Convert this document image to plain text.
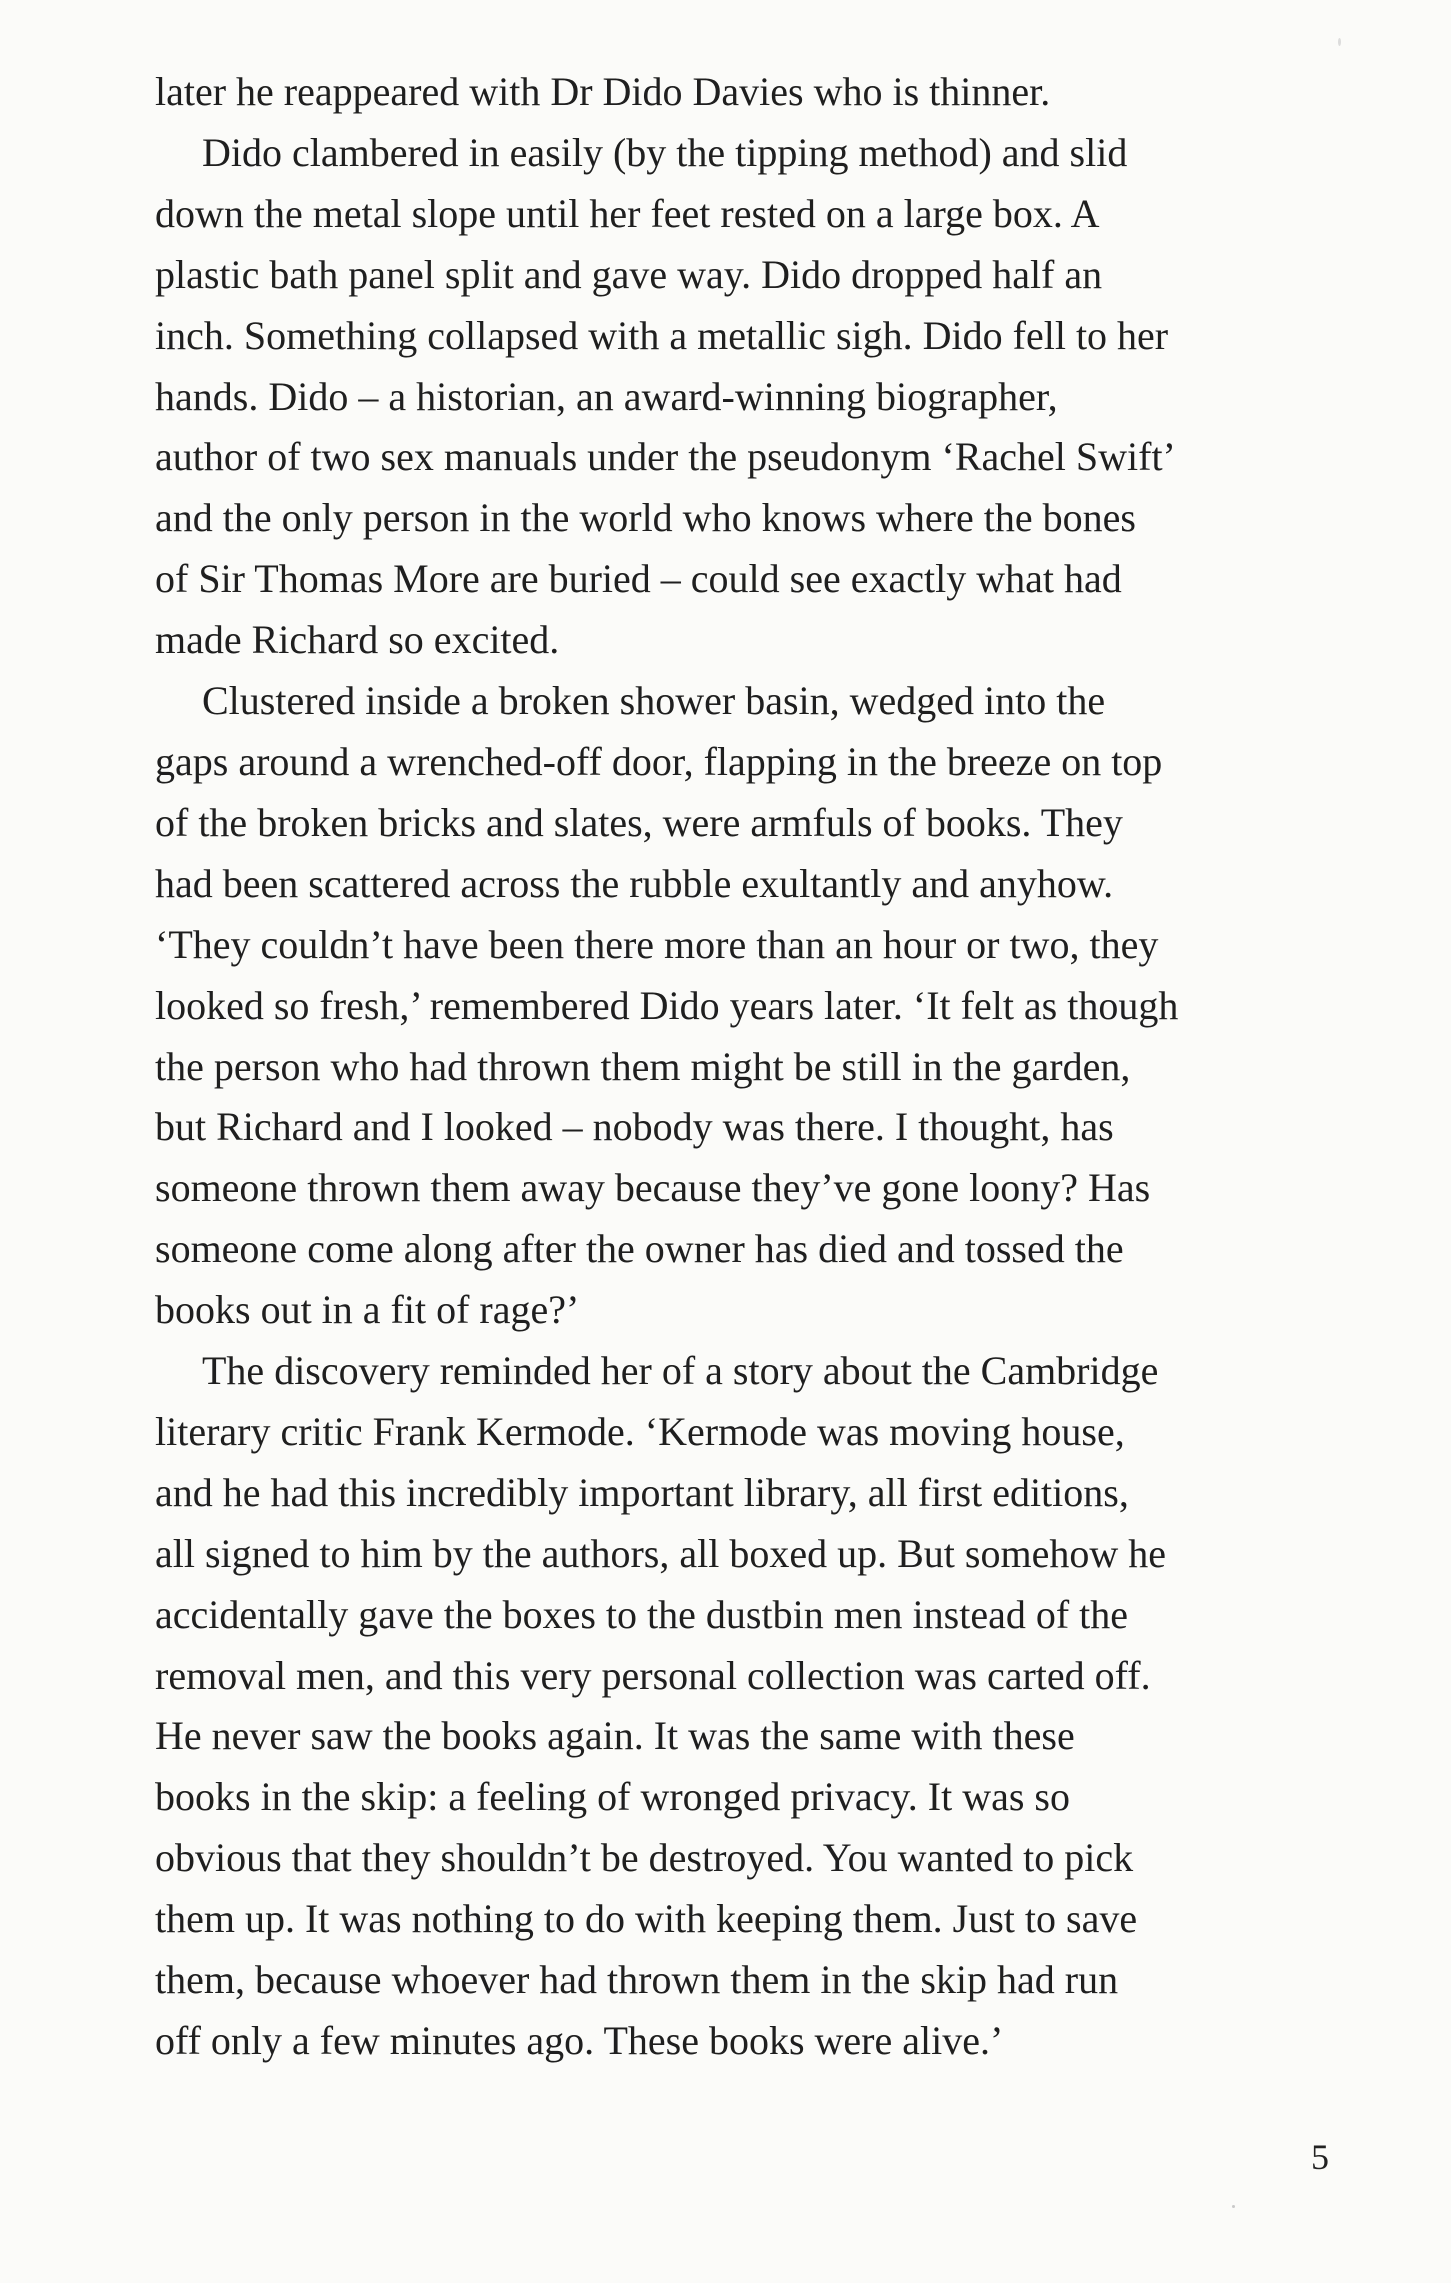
later he reappeared with Dr Dido Davies who is thinner.

Dido clambered in easily (by the tipping method) and slid
down the metal slope until her feet rested on a large box. A
plastic bath panel split and gave way. Dido dropped half an
inch. Something collapsed with a metallic sigh. Dido fell to her
hands. Dido – a historian, an award-winning biographer,
author of two sex manuals under the pseudonym ‘Rachel Swift’
and the only person in the world who knows where the bones
of Sir Thomas More are buried – could see exactly what had
made Richard so excited.

Clustered inside a broken shower basin, wedged into the
gaps around a wrenched-off door, flapping in the breeze on top
of the broken bricks and slates, were armfuls of books. They
had been scattered across the rubble exultantly and anyhow.
‘They couldn’t have been there more than an hour or two, they
looked so fresh,’ remembered Dido years later. ‘It felt as though
the person who had thrown them might be still in the garden,
but Richard and I looked – nobody was there. I thought, has
someone thrown them away because they’ve gone loony? Has
someone come along after the owner has died and tossed the
books out in a fit of rage?’

The discovery reminded her of a story about the Cambridge
literary critic Frank Kermode. ‘Kermode was moving house,
and he had this incredibly important library, all first editions,
all signed to him by the authors, all boxed up. But somehow he
accidentally gave the boxes to the dustbin men instead of the
removal men, and this very personal collection was carted off.
He never saw the books again. It was the same with these
books in the skip: a feeling of wronged privacy. It was so
obvious that they shouldn’t be destroyed. You wanted to pick
them up. It was nothing to do with keeping them. Just to save
them, because whoever had thrown them in the skip had run
off only a few minutes ago. These books were alive.’

5
